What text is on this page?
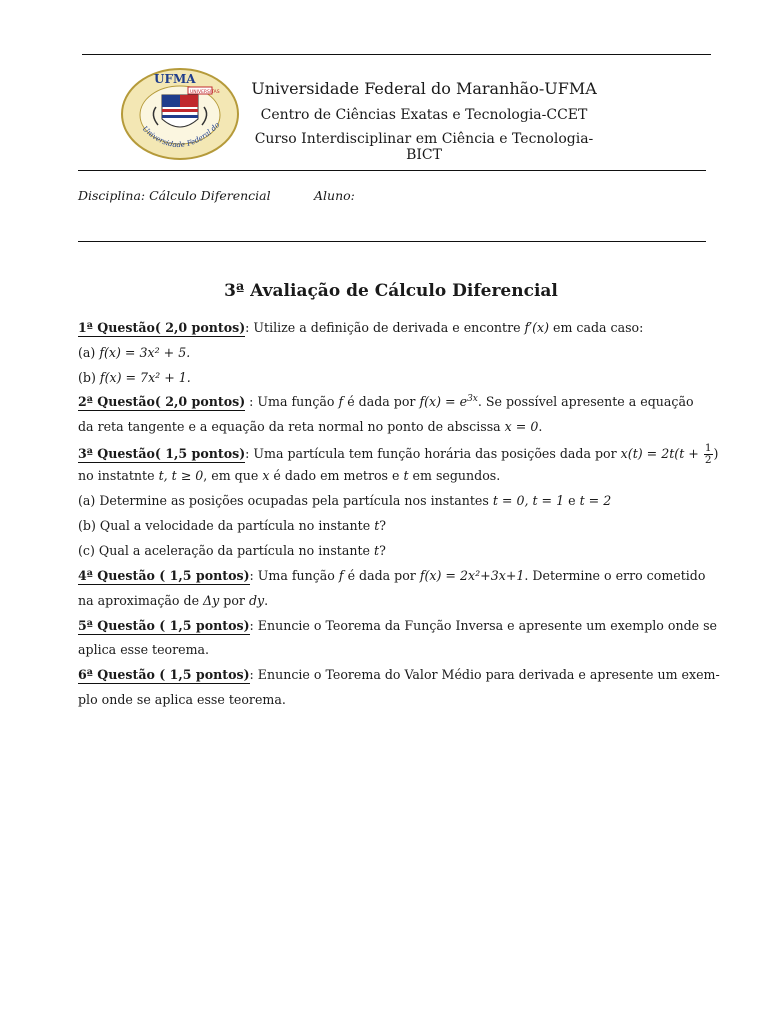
UFMA
UNIVERSITAS
Universidade Federal do
Universidade Federal do Maranhão-UFMA
Centro de Ciências Exatas e Tecnologia-CCET
Curso Interdisciplinar em Ciência e Tecnologia-BICT
Disciplina: Cálculo Diferencial	Aluno:
3ª Avaliação de Cálculo Diferencial
1ª Questão( 2,0 pontos): Utilize a definição de derivada e encontre f′(x) em cada caso:
(a) f(x) = 3x² + 5.
(b) f(x) = 7x² + 1.
2ª Questão( 2,0 pontos) : Uma função f é dada por $f(x) = e^{3x}$. Se possível apresente a equação
da reta tangente e a equação da reta normal no ponto de abscissa x = 0.
3ª Questão( 1,5 pontos): Uma partícula tem função horária das posições dada por $x(t) = 2t(t + \frac{1}{2}$ )
no instatnte t, t ≥ 0, em que x é dado em metros e t em segundos.
(a) Determine as posições ocupadas pela partícula nos instantes t = 0, t = 1 e t = 2
(b) Qual a velocidade da partícula no instante t?
(c) Qual a aceleração da partícula no instante t?
4ª Questão ( 1,5 pontos): Uma função f é dada por f(x) = 2x²+3x+1. Determine o erro cometido
na aproximação de Δy por dy.
5ª Questão ( 1,5 pontos): Enuncie o Teorema da Função Inversa e apresente um exemplo onde se
aplica esse teorema.
6ª Questão ( 1,5 pontos): Enuncie o Teorema do Valor Médio para derivada e apresente um exem-
plo onde se aplica esse teorema.
